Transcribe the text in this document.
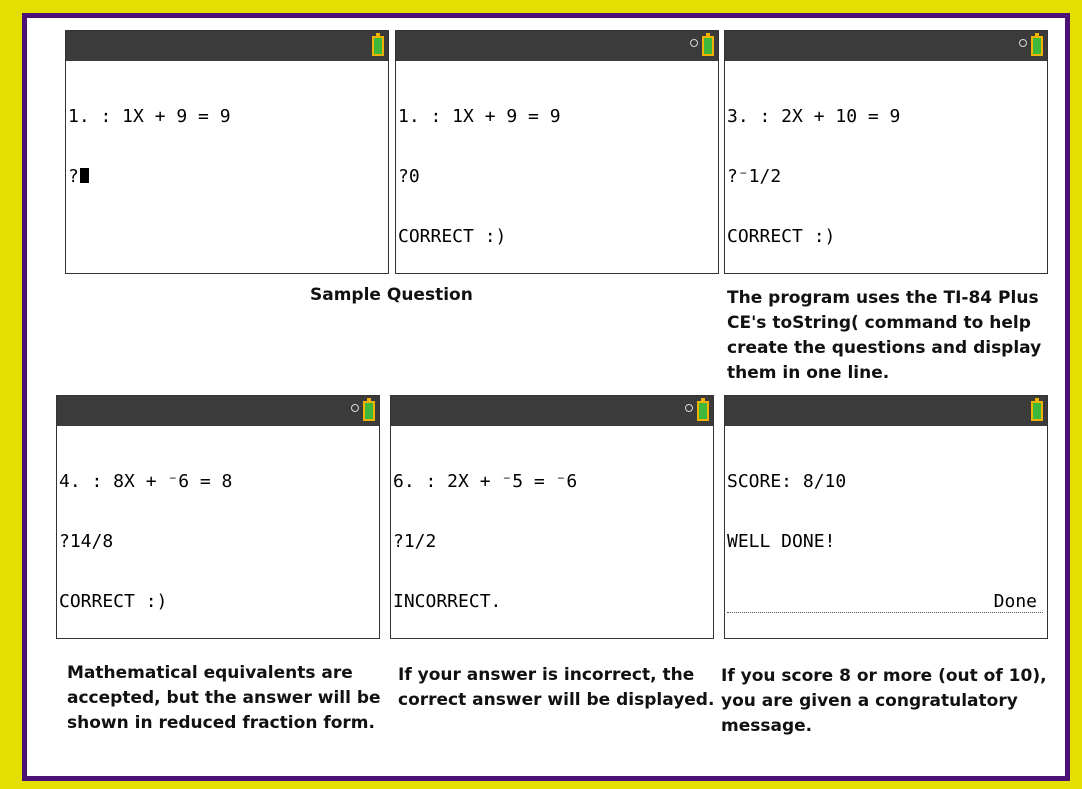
NORMAL FLOAT AUTO a+bi DEGREE MP

1. : 1X + 9 = 9

?

NORMAL FLOAT AUTO a+bi DEGREE MP

1. : 1X + 9 = 9

?0

CORRECT :)

NORMAL FLOAT AUTO a+bi DEGREE MP

3. : 2X + 10 = 9

?⁻1/2

CORRECT :)

NORMAL FLOAT AUTO a+bi DEGREE MP

4. : 8X + ⁻6 = 8

?14/8

CORRECT :)

NORMAL FLOAT AUTO a+bi DEGREE MP

6. : 2X + ⁻5 = ⁻6

?1/2

INCORRECT.

NORMAL FLOAT AUTO a+bi DEGREE MP

SCORE: 8/10

WELL DONE!

Done

Sample Question	The program uses the TI-84 Plus
CE's toString( command to help
create the questions and display
them in one line.
Mathematical equivalents are
accepted, but the answer will be
shown in reduced fraction form.
If your answer is incorrect, the
correct answer will be displayed.
If you score 8 or more (out of 10),
you are given a congratulatory
message.
